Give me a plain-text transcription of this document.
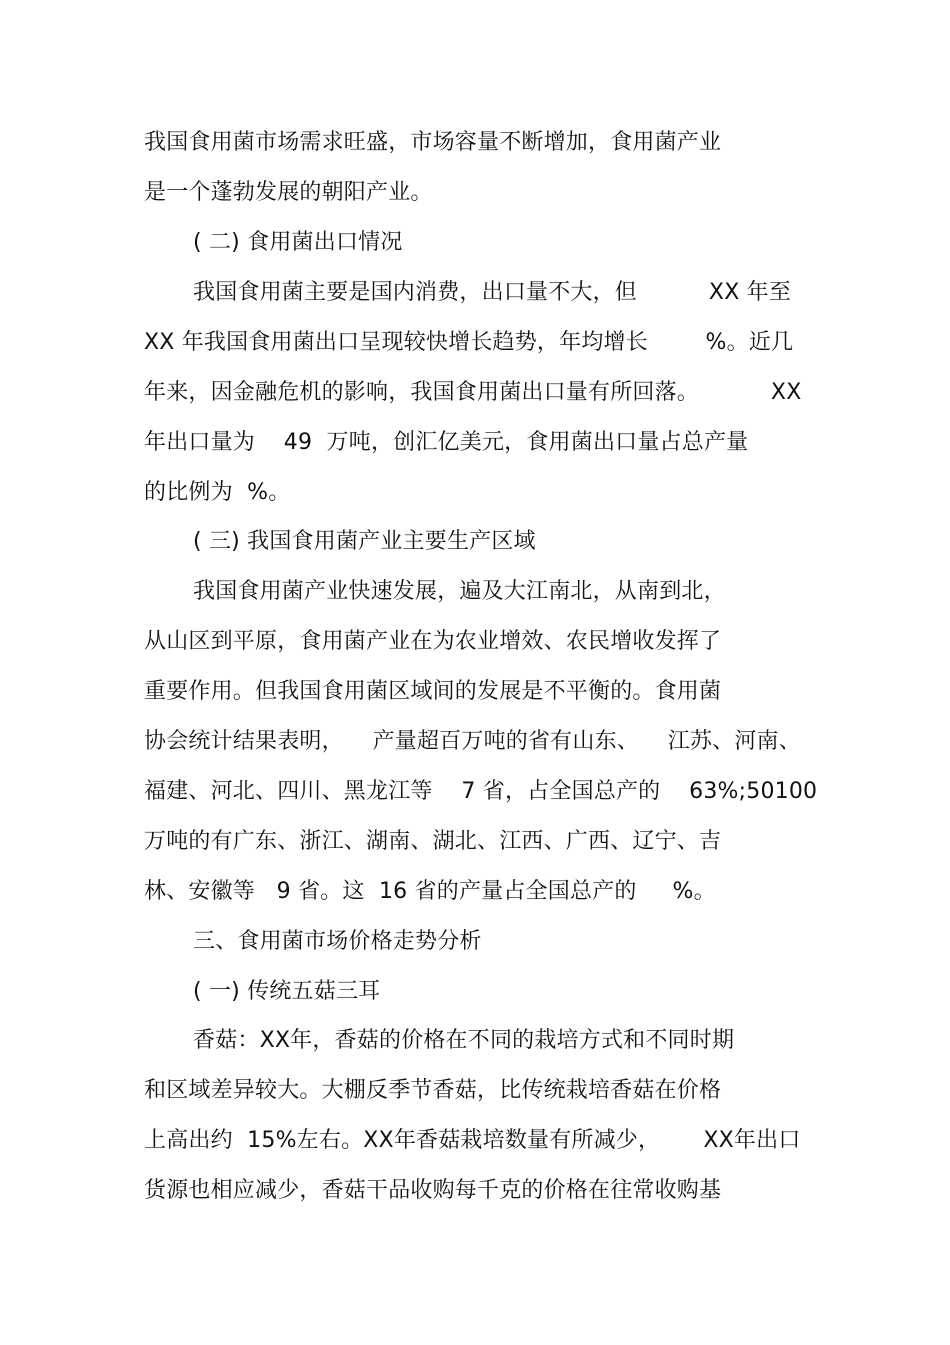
我国食用菌市场需求旺盛，市场容量不断增加，食用菌产业
是一个蓬勃发展的朝阳产业。
( 二) 食用菌出口情况
我国食用菌主要是国内消费，出口量不大，但          XX 年至
XX 年我国食用菌出口呈现较快增长趋势，年均增长        %。近几
年来，因金融危机的影响，我国食用菌出口量有所回落。          XX
年出口量为    49  万吨，创汇亿美元，食用菌出口量占总产量
的比例为  %。
( 三) 我国食用菌产业主要生产区域
我国食用菌产业快速发展，遍及大江南北，从南到北，
从山区到平原，食用菌产业在为农业增效、农民增收发挥了
重要作用。但我国食用菌区域间的发展是不平衡的。食用菌
协会统计结果表明，    产量超百万吨的省有山东、    江苏、河南、
福建、河北、四川、黑龙江等    7 省，占全国总产的    63%;50100
万吨的有广东、浙江、湖南、湖北、江西、广西、辽宁、吉
林、安徽等   9 省。这  16 省的产量占全国总产的     %。
三、食用菌市场价格走势分析
( 一) 传统五菇三耳
香菇：XX年，香菇的价格在不同的栽培方式和不同时期
和区域差异较大。大棚反季节香菇，比传统栽培香菇在价格
上高出约  15%左右。XX年香菇栽培数量有所减少，      XX年出口
货源也相应减少，香菇干品收购每千克的价格在往常收购基
